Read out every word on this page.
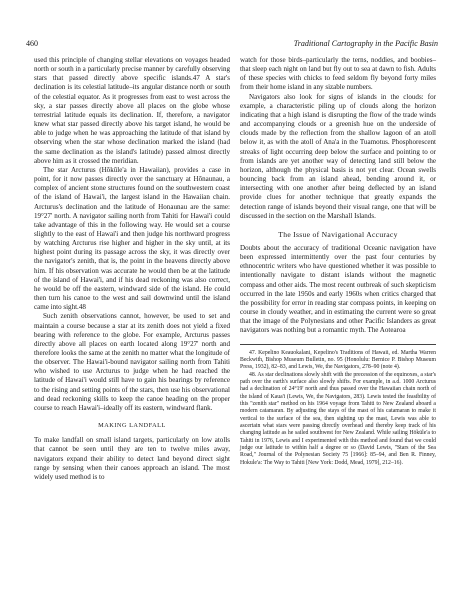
460	Traditional Cartography in the Pacific Basin

used this principle of changing stellar elevations on voyages headed north or south in a particularly precise manner by carefully observing stars that passed directly above specific islands.47 A star's declination is its celestial latitude–its angular distance north or south of the celestial equator. As it progresses from east to west across the sky, a star passes directly above all places on the globe whose terrestrial latitude equals its declination. If, therefore, a navigator knew what star passed directly above his target island, he would be able to judge when he was approaching the latitude of that island by observing when the star whose declination marked the island (had the same declination as the island's latitude) passed almost directly above him as it crossed the meridian.

The star Arcturus (Hōkūle'a in Hawaiian), provides a case in point, for it now passes directly over the sanctuary at Hōnaunau, a complex of ancient stone structures found on the southwestern coast of the island of Hawai'i, the largest island in the Hawaiian chain. Arcturus's declination and the latitude of Honaunau are the same: 19°27' north. A navigator sailing north from Tahiti for Hawai'i could take advantage of this in the following way. He would set a course slightly to the east of Hawai'i and then judge his northward progress by watching Arcturus rise higher and higher in the sky until, at its highest point during its passage across the sky, it was directly over the navigator's zenith, that is, the point in the heavens directly above him. If his observation was accurate he would then be at the latitude of the island of Hawai'i, and if his dead reckoning was also correct, he would be off the eastern, windward side of the island. He could then turn his canoe to the west and sail downwind until the island came into sight.48

Such zenith observations cannot, however, be used to set and maintain a course because a star at its zenith does not yield a fixed bearing with reference to the globe. For example, Arcturus passes directly above all places on earth located along 19°27' north and therefore looks the same at the zenith no matter what the longitude of the observer. The Hawai'i-bound navigator sailing north from Tahiti who wished to use Arcturus to judge when he had reached the latitude of Hawai'i would still have to gain his bearings by reference to the rising and setting points of the stars, then use his observational and dead reckoning skills to keep the canoe heading on the proper course to reach Hawai'i–ideally off its eastern, windward flank.

MAKING LANDFALL

To make landfall on small island targets, particularly on low atolls that cannot be seen until they are ten to twelve miles away, navigators expand their ability to detect land beyond direct sight range by sensing when their canoes approach an island. The most widely used method is to

watch for those birds–particularly the terns, noddies, and boobies–that sleep each night on land but fly out to sea at dawn to fish. Adults of these species with chicks to feed seldom fly beyond forty miles from their home island in any sizable numbers.

Navigators also look for signs of islands in the clouds: for example, a characteristic piling up of clouds along the horizon indicating that a high island is disrupting the flow of the trade winds and accompanying clouds or a greenish hue on the underside of clouds made by the reflection from the shallow lagoon of an atoll below it, as with the atoll of Ana'a in the Tuamotus. Phosphorescent streaks of light occurring deep below the surface and pointing to or from islands are yet another way of detecting land still below the horizon, although the physical basis is not yet clear. Ocean swells bouncing back from an island ahead, bending around it, or intersecting with one another after being deflected by an island provide clues for another technique that greatly expands the detection range of islands beyond their visual range, one that will be discussed in the section on the Marshall Islands.

The Issue of Navigational Accuracy

Doubts about the accuracy of traditional Oceanic navigation have been expressed intermittently over the past four centuries by ethnocentric writers who have questioned whether it was possible to intentionally navigate to distant islands without the magnetic compass and other aids. The most recent outbreak of such skepticism occurred in the late 1950s and early 1960s when critics charged that the possibility for error in reading star compass points, in keeping on course in cloudy weather, and in estimating the current were so great that the image of the Polynesians and other Pacific Islanders as great navigators was nothing but a romantic myth. The Aotearoa

47. Kepelino Keauokalani, Kepelino's Traditions of Hawaii, ed. Martha Warren Beckwith, Bishop Museum Bulletin, no. 95 (Honolulu: Bernice P. Bishop Museum Press, 1932), 82–83, and Lewis, We, the Navigators, 278–90 (note 4).

48. As star declinations slowly shift with the precession of the equinoxes, a star's path over the earth's surface also slowly shifts. For example, in a.d. 1000 Arcturus had a declination of 24°19' north and thus passed over the Hawaiian chain north of the island of Kaua'i (Lewis, We, the Navigators, 283). Lewis tested the feasibility of this "zenith star" method on his 1964 voyage from Tahiti to New Zealand aboard a modern catamaran. By adjusting the stays of the mast of his catamaran to make it vertical to the surface of the sea, then sighting up the mast, Lewis was able to ascertain what stars were passing directly overhead and thereby keep track of his changing latitude as he sailed southwest for New Zealand. While sailing Hōkūle'a to Tahiti in 1976, Lewis and I experimented with this method and found that we could judge our latitude to within half a degree or so (David Lewis, "Stars of the Sea Road," Journal of the Polynesian Society 75 [1966]: 85–94, and Ben R. Finney, Hokule'a: The Way to Tahiti [New York: Dodd, Mead, 1979], 212–16).
